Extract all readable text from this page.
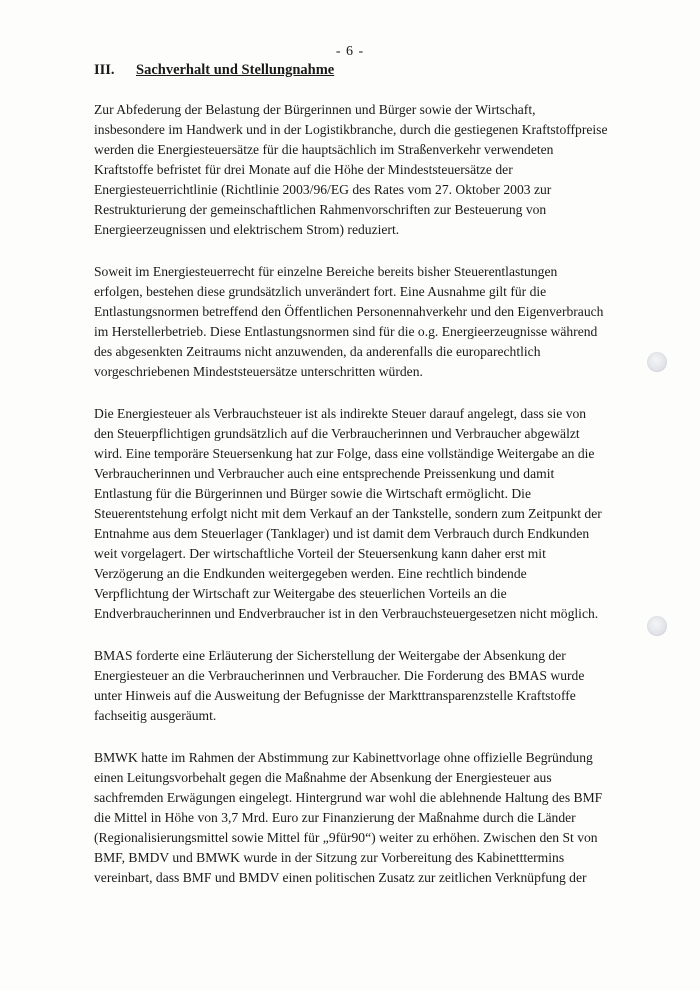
- 6 -
III. Sachverhalt und Stellungnahme

Zur Abfederung der Belastung der Bürgerinnen und Bürger sowie der Wirtschaft,
insbesondere im Handwerk und in der Logistikbranche, durch die gestiegenen Kraftstoffpreise
werden die Energiesteuersätze für die hauptsächlich im Straßenverkehr verwendeten
Kraftstoffe befristet für drei Monate auf die Höhe der Mindeststeuersätze der
Energiesteuerrichtlinie (Richtlinie 2003/96/EG des Rates vom 27. Oktober 2003 zur
Restrukturierung der gemeinschaftlichen Rahmenvorschriften zur Besteuerung von
Energieerzeugnissen und elektrischem Strom) reduziert.

Soweit im Energiesteuerrecht für einzelne Bereiche bereits bisher Steuerentlastungen
erfolgen, bestehen diese grundsätzlich unverändert fort. Eine Ausnahme gilt für die
Entlastungsnormen betreffend den Öffentlichen Personennahverkehr und den Eigenverbrauch
im Herstellerbetrieb. Diese Entlastungsnormen sind für die o.g. Energieerzeugnisse während
des abgesenkten Zeitraums nicht anzuwenden, da anderenfalls die europarechtlich
vorgeschriebenen Mindeststeuersätze unterschritten würden.

Die Energiesteuer als Verbrauchsteuer ist als indirekte Steuer darauf angelegt, dass sie von
den Steuerpflichtigen grundsätzlich auf die Verbraucherinnen und Verbraucher abgewälzt
wird. Eine temporäre Steuersenkung hat zur Folge, dass eine vollständige Weitergabe an die
Verbraucherinnen und Verbraucher auch eine entsprechende Preissenkung und damit
Entlastung für die Bürgerinnen und Bürger sowie die Wirtschaft ermöglicht. Die
Steuerentstehung erfolgt nicht mit dem Verkauf an der Tankstelle, sondern zum Zeitpunkt der
Entnahme aus dem Steuerlager (Tanklager) und ist damit dem Verbrauch durch Endkunden
weit vorgelagert. Der wirtschaftliche Vorteil der Steuersenkung kann daher erst mit
Verzögerung an die Endkunden weitergegeben werden. Eine rechtlich bindende
Verpflichtung der Wirtschaft zur Weitergabe des steuerlichen Vorteils an die
Endverbraucherinnen und Endverbraucher ist in den Verbrauchsteuergesetzen nicht möglich.

BMAS forderte eine Erläuterung der Sicherstellung der Weitergabe der Absenkung der
Energiesteuer an die Verbraucherinnen und Verbraucher. Die Forderung des BMAS wurde
unter Hinweis auf die Ausweitung der Befugnisse der Markttransparenzstelle Kraftstoffe
fachseitig ausgeräumt.

BMWK hatte im Rahmen der Abstimmung zur Kabinettvorlage ohne offizielle Begründung
einen Leitungsvorbehalt gegen die Maßnahme der Absenkung der Energiesteuer aus
sachfremden Erwägungen eingelegt. Hintergrund war wohl die ablehnende Haltung des BMF
die Mittel in Höhe von 3,7 Mrd. Euro zur Finanzierung der Maßnahme durch die Länder
(Regionalisierungsmittel sowie Mittel für „9für90“) weiter zu erhöhen. Zwischen den St von
BMF, BMDV und BMWK wurde in der Sitzung zur Vorbereitung des Kabinetttermins
vereinbart, dass BMF und BMDV einen politischen Zusatz zur zeitlichen Verknüpfung der
